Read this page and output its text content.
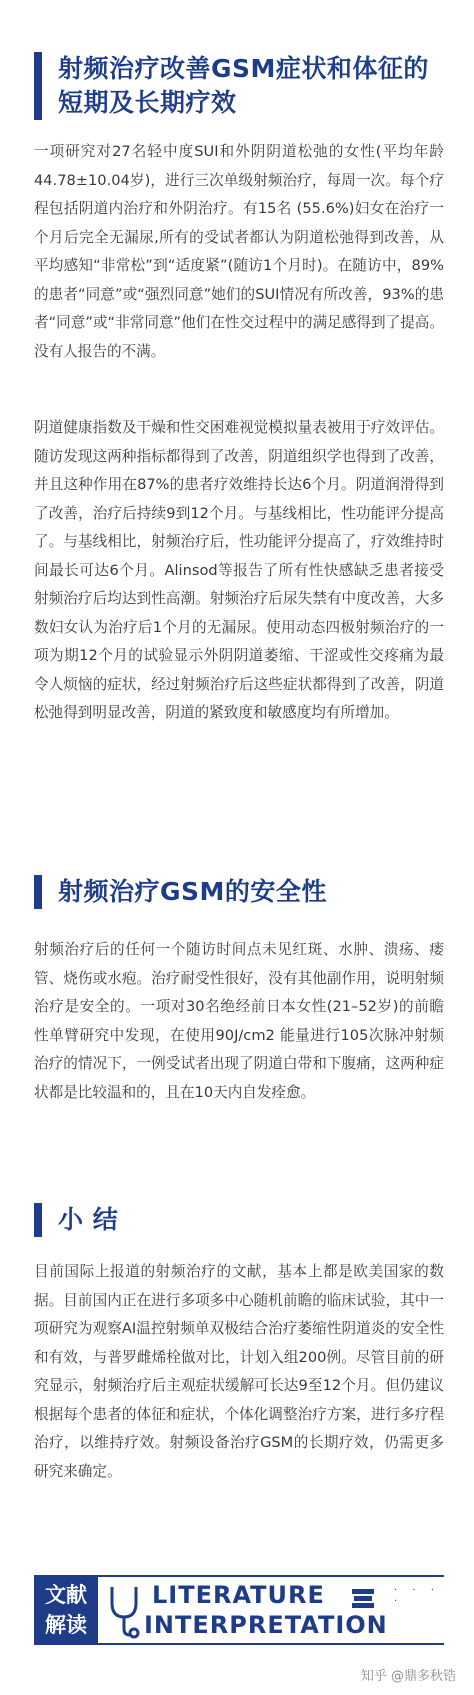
射频治疗改善GSM症状和体征的
短期及长期疗效

一项研究对27名轻中度SUI和外阴阴道松弛的女性(平均年龄44.78±10.04岁)，进行三次单级射频治疗，每周一次。每个疗程包括阴道内治疗和外阴治疗。有15名 (55.6%)妇女在治疗一个月后完全无漏尿,所有的受试者都认为阴道松弛得到改善，从平均感知“非常松”到“适度紧”(随访1个月时)。在随访中，89%的患者“同意”或“强烈同意”她们的SUI情况有所改善，93%的患者“同意”或“非常同意”他们在性交过程中的满足感得到了提高。没有人报告的不满。

阴道健康指数及干燥和性交困难视觉模拟量表被用于疗效评估。随访发现这两种指标都得到了改善，阴道组织学也得到了改善，并且这种作用在87%的患者疗效维持长达6个月。阴道润滑得到了改善，治疗后持续9到12个月。与基线相比，性功能评分提高了。与基线相比，射频治疗后，性功能评分提高了，疗效维持时间最长可达6个月。Alinsod等报告了所有性快感缺乏患者接受射频治疗后均达到性高潮。射频治疗后尿失禁有中度改善，大多数妇女认为治疗后1个月的无漏尿。使用动态四极射频治疗的一项为期12个月的试验显示外阴阴道萎缩、干涩或性交疼痛为最令人烦恼的症状，经过射频治疗后这些症状都得到了改善，阴道松弛得到明显改善，阴道的紧致度和敏感度均有所增加。

射频治疗GSM的安全性

射频治疗后的任何一个随访时间点未见红斑、水肿、溃疡、瘘管、烧伤或水疱。治疗耐受性很好，没有其他副作用，说明射频治疗是安全的。一项对30名绝经前日本女性(21–52岁)的前瞻性单臂研究中发现，在使用90J/cm2 能量进行105次脉冲射频治疗的情况下，一例受试者出现了阴道白带和下腹痛，这两种症状都是比较温和的，且在10天内自发痊愈。

小 结

目前国际上报道的射频治疗的文献，基本上都是欧美国家的数据。目前国内正在进行多项多中心随机前瞻的临床试验，其中一项研究为观察AI温控射频单双极结合治疗萎缩性阴道炎的安全性和有效，与普罗雌烯栓做对比，计划入组200例。尽管目前的研究显示，射频治疗后主观症状缓解可长达9至12个月。但仍建议根据每个患者的体征和症状，个体化调整治疗方案，进行多疗程治疗，以维持疗效。射频设备治疗GSM的长期疗效，仍需更多研究来确定。

文献
解读
LITERATURE	· · · ·
INTERPRETATION
知乎 @鼎多秋锆
